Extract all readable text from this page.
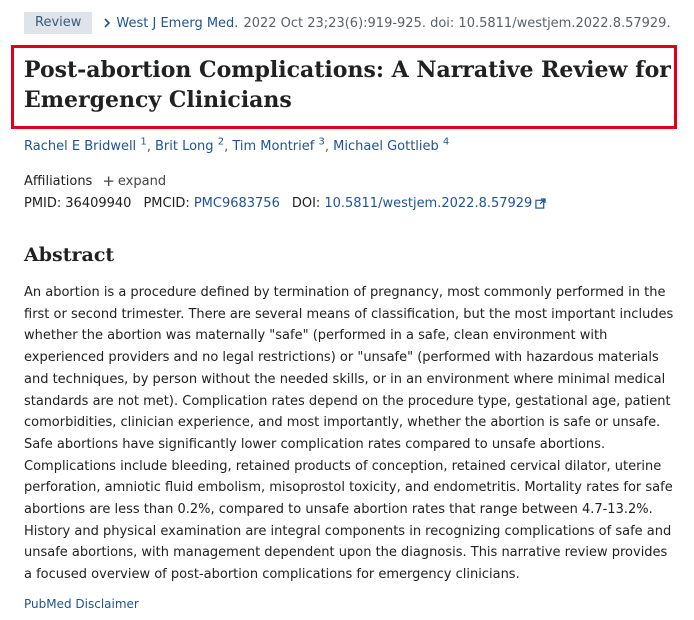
Review	West J Emerg Med. 2022 Oct 23;23(6):919-925. doi: 10.5811/westjem.2022.8.57929.
Post-abortion Complications: A Narrative Review for Emergency Clinicians
Rachel E Bridwell $^1$, Brit Long $^2$, Tim Montrief $^3$, Michael Gottlieb $^4$
Affiliations + expand
PMID: 36409940 PMCID: PMC9683756 DOI: 10.5811/westjem.2022.8.57929
Abstract

An abortion is a procedure defined by termination of pregnancy, most commonly performed in the first or second trimester. There are several means of classification, but the most important includes whether the abortion was maternally "safe" (performed in a safe, clean environment with experienced providers and no legal restrictions) or "unsafe" (performed with hazardous materials and techniques, by person without the needed skills, or in an environment where minimal medical standards are not met). Complication rates depend on the procedure type, gestational age, patient comorbidities, clinician experience, and most importantly, whether the abortion is safe or unsafe. Safe abortions have significantly lower complication rates compared to unsafe abortions. Complications include bleeding, retained products of conception, retained cervical dilator, uterine perforation, amniotic fluid embolism, misoprostol toxicity, and endometritis. Mortality rates for safe abortions are less than 0.2%, compared to unsafe abortion rates that range between 4.7-13.2%. History and physical examination are integral components in recognizing complications of safe and unsafe abortions, with management dependent upon the diagnosis. This narrative review provides a focused overview of post-abortion complications for emergency clinicians.

PubMed Disclaimer
